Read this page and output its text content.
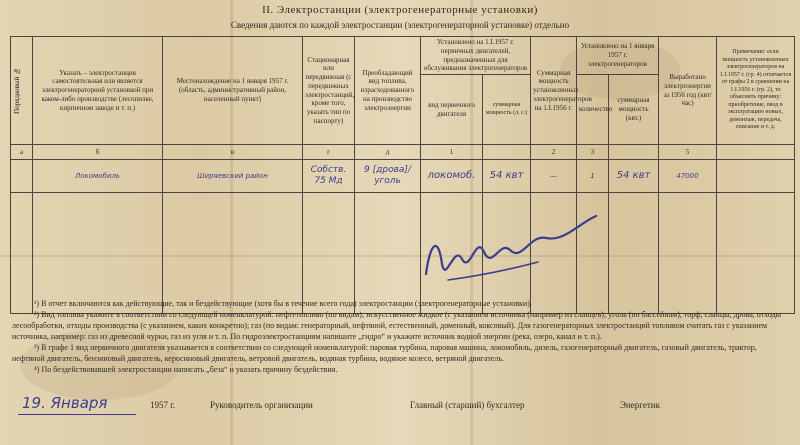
II. Электростанции (электрогенераторные установки)
Сведения даются по каждой электростанции (электрогенераторной установке) отдельно
Порядковый №	Указать – электростанция самостоятельная или является электрогенераторной установкой при каком-либо производстве (лесопилке, кирпичном заводе и т. п.)	Местонахождение на 1 января 1957 г. (область, административный район, населенный пункт)	Стационарная или передвижная (с передвижных электростанций, кроме того, указать тип по паспорту)	Преобладающий вид топлива, израсходованного на производство электроэнергии	Установлено на 1.I.1957 г. первичных двигателей, предназначенных для обслуживания электрогенераторов		Суммарная мощность установленных электрогенераторов на 1.I.1956 г.	Установлено на 1 января 1957 г. электрогенераторов		Выработано электроэнергии за 1956 год (квт/час)	Примечание: если мощность установленных электрогенераторов на 1.I.1957 г. (гр. 4) отличается от графы 2 в сравнении на 1.I.1956 г. (гр. 2), то объяснить причину: приобретение, ввод в эксплуатацию новых, демонтаж, передача, списание и т. д.
					вид первичного двигателя	суммарная мощность (л. с.)		количество	суммарная мощность (квт.)		
а	б	в	г	д	1		2	3		5	
	Локомобиль	Ширяевский район	Собств. 75 Мд	9 [дрова]/ уголь	локомоб.	54 квт	—	1	54 квт	47000	

¹) В отчет включаются как действующие, так и бездействующие (хотя бы в течение всего года) электростанции (электрогенераторные установки).

²) Вид топлива укажите в соответствии со следующей номенклатурой: нефтетопливо (по видам); искусственное жидкое (с указанием источника (например из сланцев); уголь (по бассейнам), торф, сланцы, дрова, отходы лесообработки, отходы производства (с указанием, каких конкретно); газ (по видам: генераторный, нефтяной, естественный, доменный, коксовый). Для газогенераторных электростанций топливом считать газ с указанием источника, например: газ из древесной чурки, газ из угля и т. п. По гидроэлектростанциям напишите „гидро“ и укажите источник водной энергии (река, озеро, канал и т. п.).

³) В графе 1 вид первичного двигателя указывается в соответствии со следующей номенклатурой: паровая турбина, паровая машина, локомобиль, дизель, газогенераторный двигатель, газовый двигатель, трактор, нефтяной двигатель, бензиновый двигатель, керосиновый двигатель, ветровой двигатель, водяная турбина, водяное колесо, ветряной двигатель.

⁴) По бездействовавшей электростанции написать „беза“ и указать причину бездействия.

19. Января	1957 г.	Руководитель организации	Главный (старший) бухгалтер	Энергетик
